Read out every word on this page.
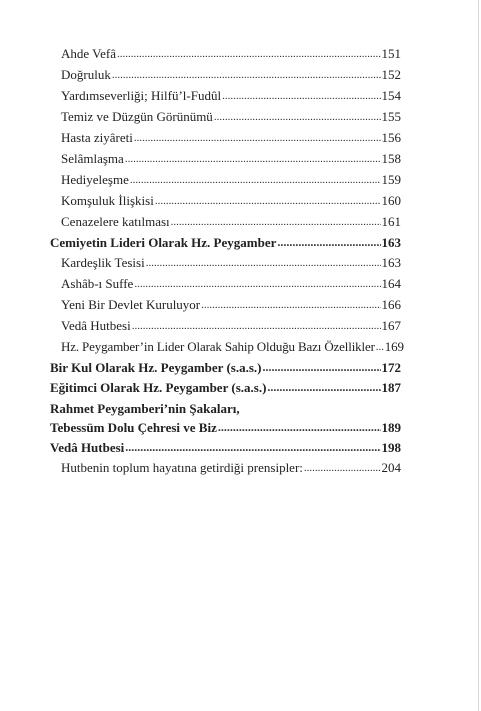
Ahde Vefâ .....	151
Doğruluk .....	152
Yardımseverliği; Hilfü’l-Fudûl .....	154
Temiz ve Düzgün Görünümü .....	155
Hasta ziyâreti .....	156
Selâmlaşma .....	158
Hediyeleşme .....	159
Komşuluk İlişkisi .....	160
Cenazelere katılması .....	161
Cemiyetin Lideri Olarak Hz. Peygamber .....	163
Kardeşlik Tesisi .....	163
Ashâb-ı Suffe .....	164
Yeni Bir Devlet Kuruluyor .....	166
Vedâ Hutbesi .....	167
Hz. Peygamber’in Lider Olarak Sahip Olduğu Bazı Özellikler ..... 169
Bir Kul Olarak Hz. Peygamber (s.a.s.) .....	172
Eğitimci Olarak Hz. Peygamber (s.a.s.) .....	187
Rahmet Peygamberi’nin Şakaları,
Tebessüm Dolu Çehresi ve Biz .....	189
Vedâ Hutbesi .....	198
Hutbenin toplum hayatına getirdiği prensipler: .....	204
